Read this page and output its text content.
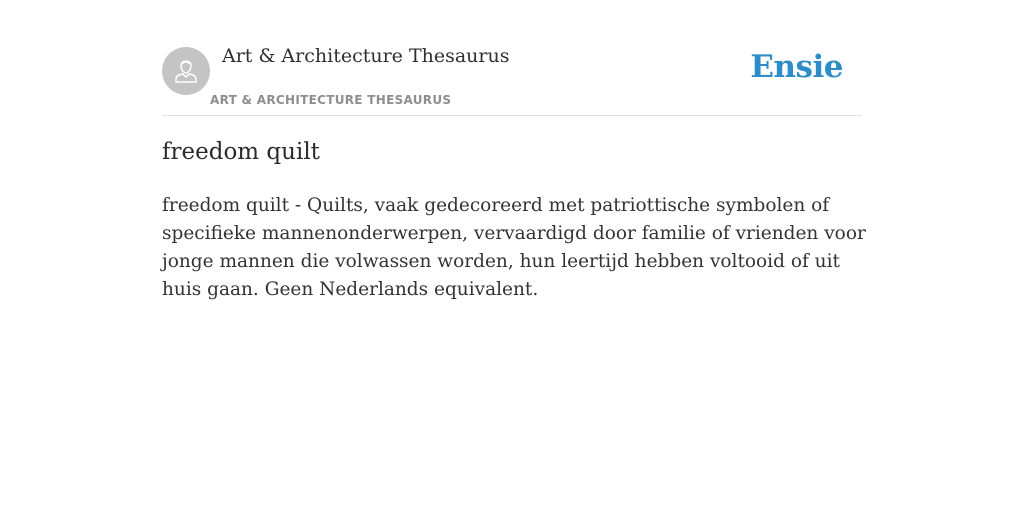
Art & Architecture Thesaurus
ART & ARCHITECTURE THESAURUS
Ensie
freedom quilt

freedom quilt - Quilts, vaak gedecoreerd met patriottische symbolen of specifieke mannenonderwerpen, vervaardigd door familie of vrienden voor jonge mannen die volwassen worden, hun leertijd hebben voltooid of uit huis gaan. Geen Nederlands equivalent.
